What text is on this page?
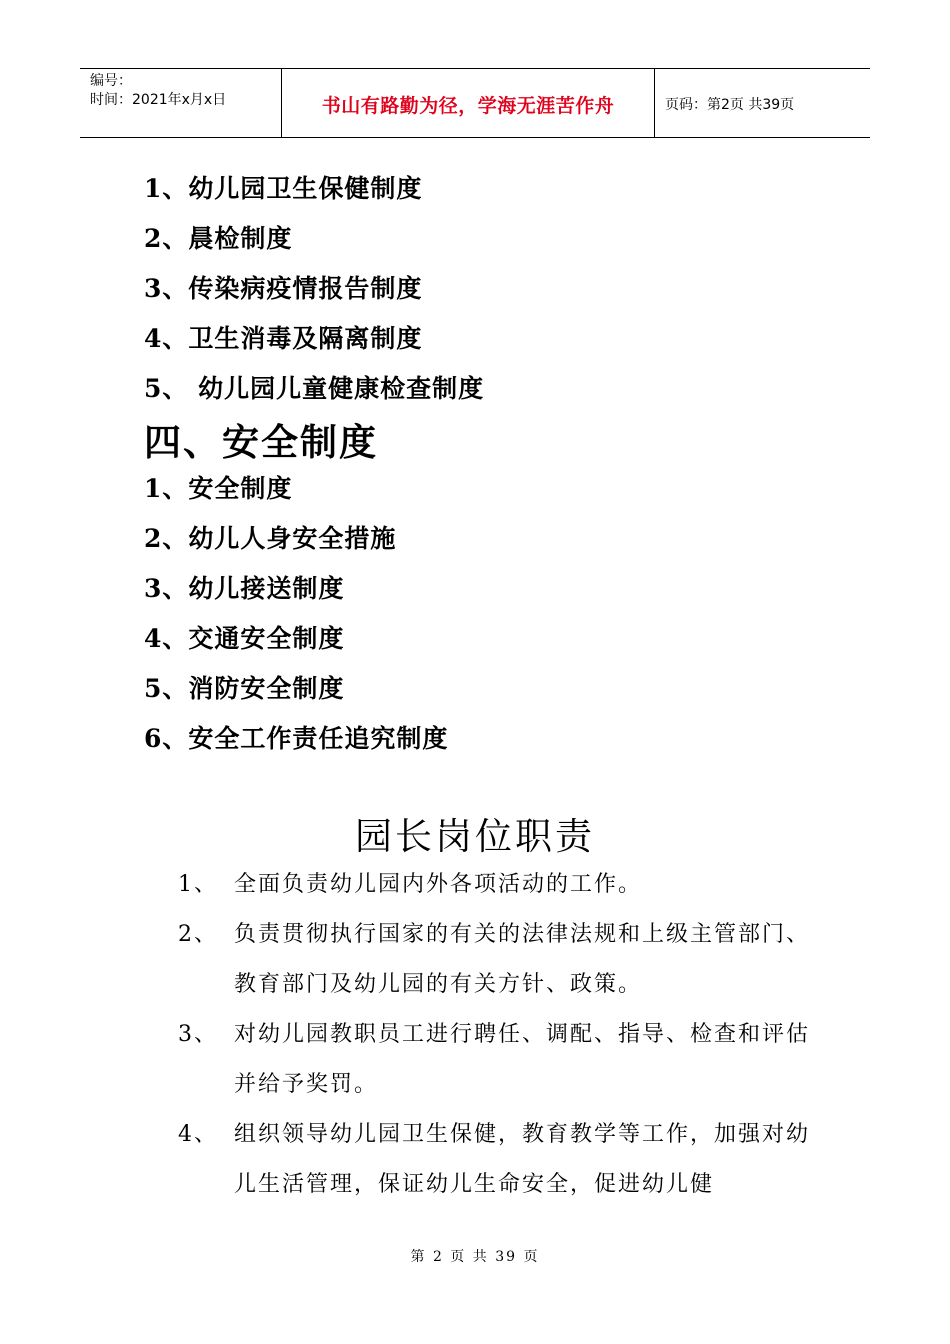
编号：
时间：2021年x月x日	书山有路勤为径，学海无涯苦作舟	页码：第2页 共39页
1、幼儿园卫生保健制度
2、晨检制度
3、传染病疫情报告制度
4、卫生消毒及隔离制度
5、 幼儿园儿童健康检查制度
四、安全制度
1、安全制度
2、幼儿人身安全措施
3、幼儿接送制度
4、交通安全制度
5、消防安全制度
6、安全工作责任追究制度
园长岗位职责
1、 全面负责幼儿园内外各项活动的工作。
2、 负责贯彻执行国家的有关的法律法规和上级主管部门、教育部门及幼儿园的有关方针、政策。
3、 对幼儿园教职员工进行聘任、调配、指导、检查和评估并给予奖罚。
4、 组织领导幼儿园卫生保健，教育教学等工作，加强对幼儿生活管理，保证幼儿生命安全，促进幼儿健
第 2 页 共 39 页
